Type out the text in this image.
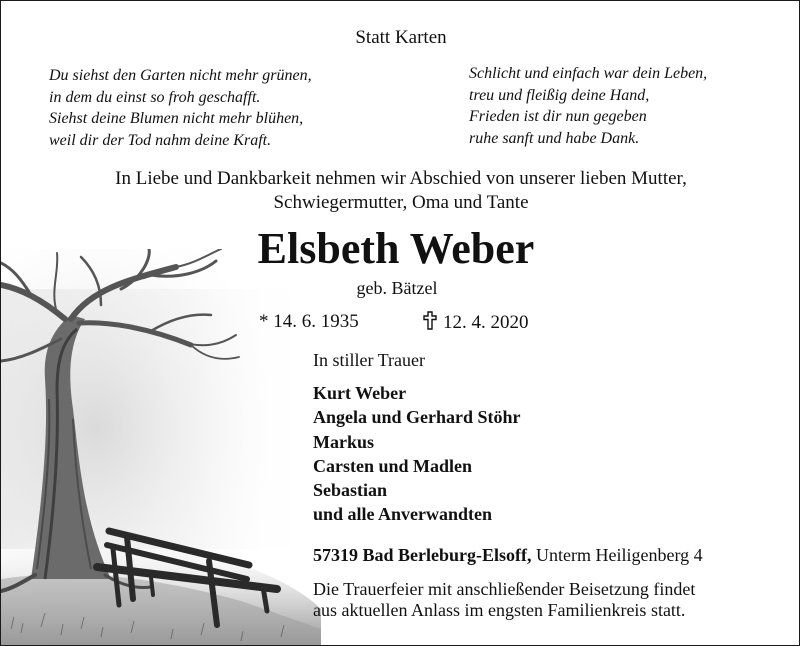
Statt Karten
Du siehst den Garten nicht mehr grünen,
in dem du einst so froh geschafft.
Siehst deine Blumen nicht mehr blühen,
weil dir der Tod nahm deine Kraft.
Schlicht und einfach war dein Leben,
treu und fleißig deine Hand,
Frieden ist dir nun gegeben
ruhe sanft und habe Dank.
In Liebe und Dankbarkeit nehmen wir Abschied von unserer lieben Mutter,
Schwiegermutter, Oma und Tante
Elsbeth Weber
geb. Bätzel
* 14. 6. 1935	12. 4. 2020
In stiller Trauer
Kurt Weber
Angela und Gerhard Stöhr
Markus
Carsten und Madlen
Sebastian
und alle Anverwandten
57319 Bad Berleburg-Elsoff, Unterm Heiligenberg 4
Die Trauerfeier mit anschließender Beisetzung findet
aus aktuellen Anlass im engsten Familienkreis statt.
